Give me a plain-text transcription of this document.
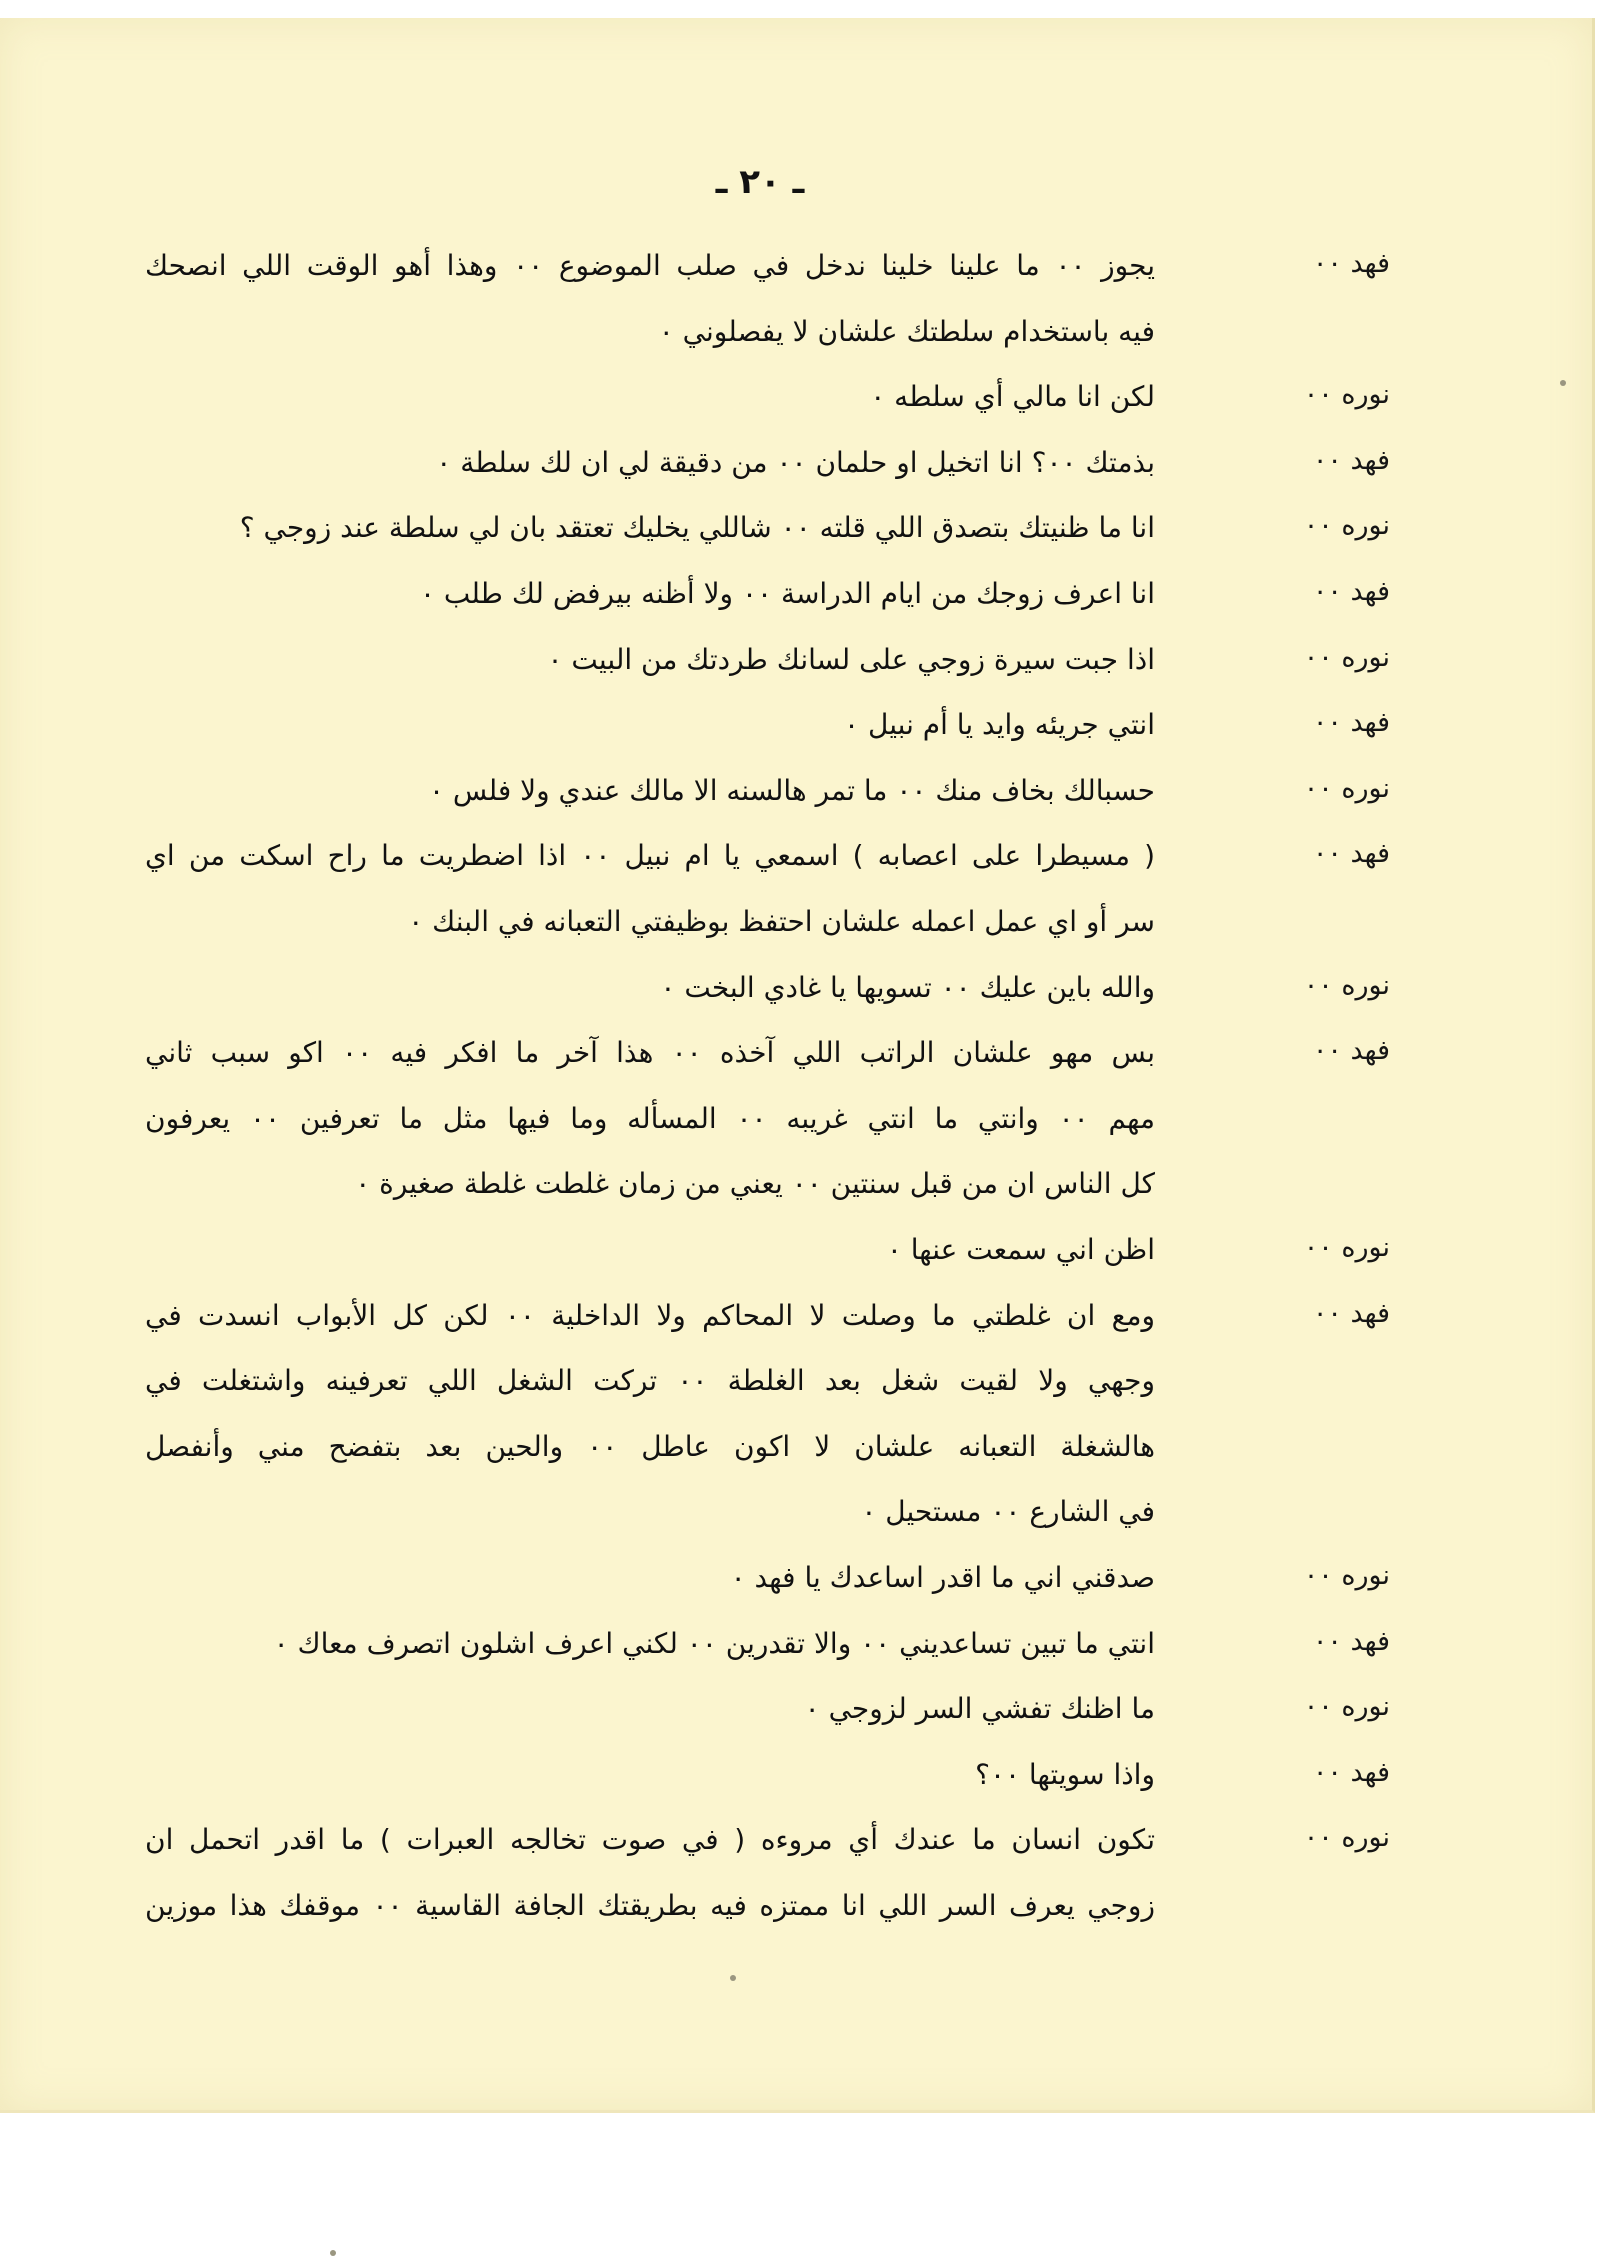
ـ ٢٠ ـ
فهد ٠٠
يجوز ٠٠ ما علينا خلينا ندخل في صلب الموضوع ٠٠ وهذا أهو الوقت اللي انصحك
فيه باستخدام سلطتك علشان لا يفصلوني ٠
نوره ٠٠
لكن انا مالي أي سلطه ٠
فهد ٠٠
بذمتك ٠٠؟ انا اتخيل او حلمان ٠٠ من دقيقة لي ان لك سلطة ٠
نوره ٠٠
انا ما ظنيتك بتصدق اللي قلته ٠٠ شاللي يخليك تعتقد بان لي سلطة عند زوجي ؟
فهد ٠٠
انا اعرف زوجك من ايام الدراسة ٠٠ ولا أظنه بيرفض لك طلب ٠
نوره ٠٠
اذا جبت سيرة زوجي على لسانك طردتك من البيت ٠
فهد ٠٠
انتي جريئه وايد يا أم نبيل ٠
نوره ٠٠
حسبالك بخاف منك ٠٠ ما تمر هالسنه الا مالك عندي ولا فلس ٠
فهد ٠٠
( مسيطرا على اعصابه ) اسمعي يا ام نبيل ٠٠ اذا اضطريت ما راح اسكت من اي
سر أو اي عمل اعمله علشان احتفظ بوظيفتي التعبانه في البنك ٠
نوره ٠٠
والله باين عليك ٠٠ تسويها يا غادي البخت ٠
فهد ٠٠
بس مهو علشان الراتب اللي آخذه ٠٠ هذا آخر ما افكر فيه ٠٠ اكو سبب ثاني
مهم ٠٠ وانتي ما انتي غريبه ٠٠ المسأله وما فيها مثل ما تعرفين ٠٠ يعرفون
كل الناس ان من قبل سنتين ٠٠ يعني من زمان غلطت غلطة صغيرة ٠
نوره ٠٠
اظن اني سمعت عنها ٠
فهد ٠٠
ومع ان غلطتي ما وصلت لا المحاكم ولا الداخلية ٠٠ لكن كل الأبواب انسدت في
وجهي ولا لقيت شغل بعد الغلطة ٠٠ تركت الشغل اللي تعرفينه واشتغلت في
هالشغلة التعبانه علشان لا اكون عاطل ٠٠ والحين بعد بتفضح مني وأنفصل
في الشارع ٠٠ مستحيل ٠
نوره ٠٠
صدقني اني ما اقدر اساعدك يا فهد ٠
فهد ٠٠
انتي ما تبين تساعديني ٠٠ والا تقدرين ٠٠ لكني اعرف اشلون اتصرف معاك ٠
نوره ٠٠
ما اظنك تفشي السر لزوجي ٠
فهد ٠٠
واذا سويتها ٠٠؟
نوره ٠٠
تكون انسان ما عندك أي مروءه ( في صوت تخالجه العبرات ) ما اقدر اتحمل ان
زوجي يعرف السر اللي انا ممتزه فيه بطريقتك الجافة القاسية ٠٠ موقفك هذا موزين
